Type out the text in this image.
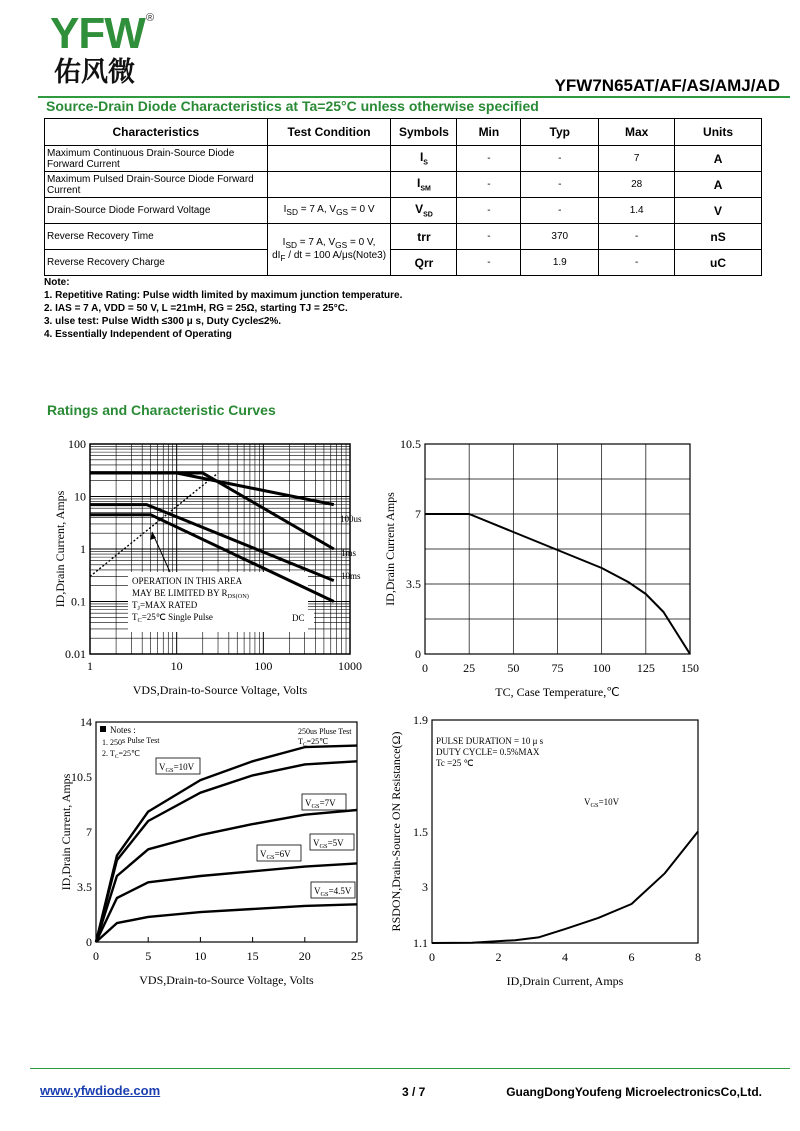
YFW ®
佑风微	YFW7N65AT/AF/AS/AMJ/AD
Source-Drain Diode Characteristics at Ta=25°C unless otherwise specified
Characteristics	Test Condition	Symbols	Min	Typ	Max	Units
Maximum Continuous Drain-Source Diode Forward Current		$I_S$	-	-	7	A
Maximum Pulsed Drain-Source Diode Forward Current		$I_{SM}$	-	-	28	A
Drain-Source Diode Forward Voltage	$I_{SD} = 7$ A, $V_{GS} = 0$ V	$V_{SD}$	-	-	1.4	V
Reverse Recovery Time	$I_{SD} = 7$ A, $V_{GS} = 0$ V,
$dI_F$ / dt = 100 A/μs(Note3)	trr	-	370	-	nS
Reverse Recovery Charge		Qrr	-	1.9	-	uC
Note:
1. Repetitive Rating: Pulse width limited by maximum junction temperature.
2. IAS = 7 A, VDD = 50 V, L =21mH, RG = 25Ω, starting TJ = 25°C.
3. ulse test: Pulse Width ≤300 μ s, Duty Cycle≤2%.
4. Essentially Independent of Operating
Ratings and Characteristic Curves
1	10	100	1000
100
10
1
0.1
0.01
OPERATION IN THIS AREA
MAY BE LIMITED BY $R_{DS(ON)}$
$T_J=MAX$ RATED
$T_C=25℃$ Single Pulse
100us
1ms
10ms
DC
VDS,Drain-to-Source Voltage, Volts
ID,Drain Current, Amps
0	25	50	75 100 125 150
10.5
7
3.5
0
TC, Case Temperature,℃
ID,Drain Current Amps
0	5	10	15	20	25
14
10.5
7
3.5
0
VDS,Drain-to-Source Voltage, Volts
ID,Drain Current, Amps
Notes :
1. 250s Pulse Test
2. $T_C=25℃$
250us Pluse Test
$T_C=25℃$
$V_{GS}=10V$
$V_{GS}=7V$
$V_{GS}=6V$
$V_{GS}=5V$
$V_{GS}=4.5V$
0	2	4	6	8
1.9
1.5
3
1.1
ID,Drain Current, Amps
RSDON,Drain-Source ON Resistance(Ω)	PULSE DURATION = 10 μ s
DUTY CYCLE= 0.5%MAX
Tc =25 ℃
$V_{GS}=10V$
www.yfwdiode.com	3 / 7	GuangDongYoufeng MicroelectronicsCo,Ltd.
